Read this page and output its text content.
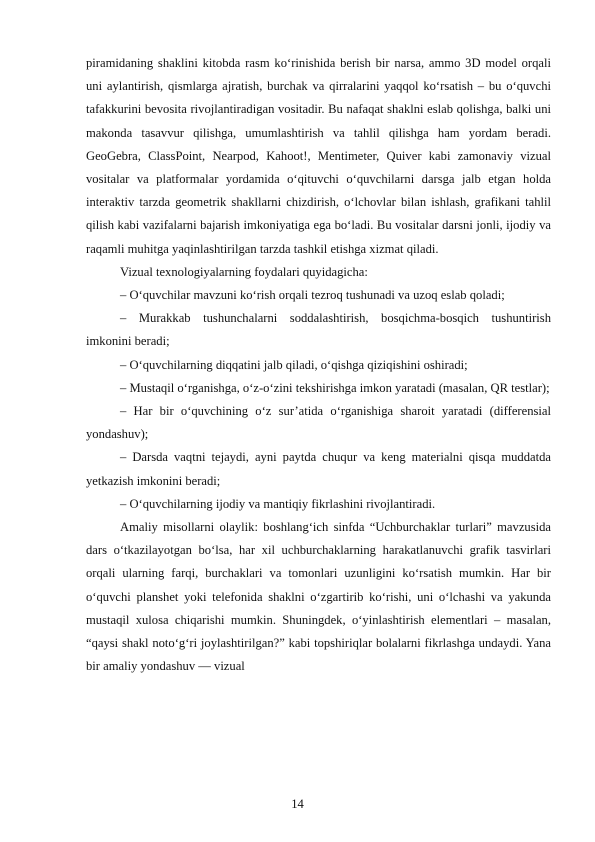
piramidaning shaklini kitobda rasm ko‘rinishida berish bir narsa, ammo 3D model orqali uni aylantirish, qismlarga ajratish, burchak va qirralarini yaqqol ko‘rsatish – bu o‘quvchi tafakkurini bevosita rivojlantiradigan vositadir. Bu nafaqat shaklni eslab qolishga, balki uni makonda tasavvur qilishga, umumlashtirish va tahlil qilishga ham yordam beradi. GeoGebra, ClassPoint, Nearpod, Kahoot!, Mentimeter, Quiver kabi zamonaviy vizual vositalar va platformalar yordamida o‘qituvchi o‘quvchilarni darsga jalb etgan holda interaktiv tarzda geometrik shakllarni chizdirish, o‘lchovlar bilan ishlash, grafikani tahlil qilish kabi vazifalarni bajarish imkoniyatiga ega bo‘ladi. Bu vositalar darsni jonli, ijodiy va raqamli muhitga yaqinlashtirilgan tarzda tashkil etishga xizmat qiladi.

Vizual texnologiyalarning foydalari quyidagicha:

– O‘quvchilar mavzuni ko‘rish orqali tezroq tushunadi va uzoq eslab qoladi;

– Murakkab tushunchalarni soddalashtirish, bosqichma-bosqich tushuntirish imkonini beradi;

– O‘quvchilarning diqqatini jalb qiladi, o‘qishga qiziqishini oshiradi;

– Mustaqil o‘rganishga, o‘z-o‘zini tekshirishga imkon yaratadi (masalan, QR testlar);

– Har bir o‘quvchining o‘z sur’atida o‘rganishiga sharoit yaratadi (differensial yondashuv);

– Darsda vaqtni tejaydi, ayni paytda chuqur va keng materialni qisqa muddatda yetkazish imkonini beradi;

– O‘quvchilarning ijodiy va mantiqiy fikrlashini rivojlantiradi.

Amaliy misollarni olaylik: boshlang‘ich sinfda “Uchburchaklar turlari” mavzusida dars o‘tkazilayotgan bo‘lsa, har xil uchburchaklarning harakatlanuvchi grafik tasvirlari orqali ularning farqi, burchaklari va tomonlari uzunligini ko‘rsatish mumkin. Har bir o‘quvchi planshet yoki telefonida shaklni o‘zgartirib ko‘rishi, uni o‘lchashi va yakunda mustaqil xulosa chiqarishi mumkin. Shuningdek, o‘yinlashtirish elementlari – masalan, “qaysi shakl noto‘g‘ri joylashtirilgan?” kabi topshiriqlar bolalarni fikrlashga undaydi. Yana bir amaliy yondashuv — vizual

14
